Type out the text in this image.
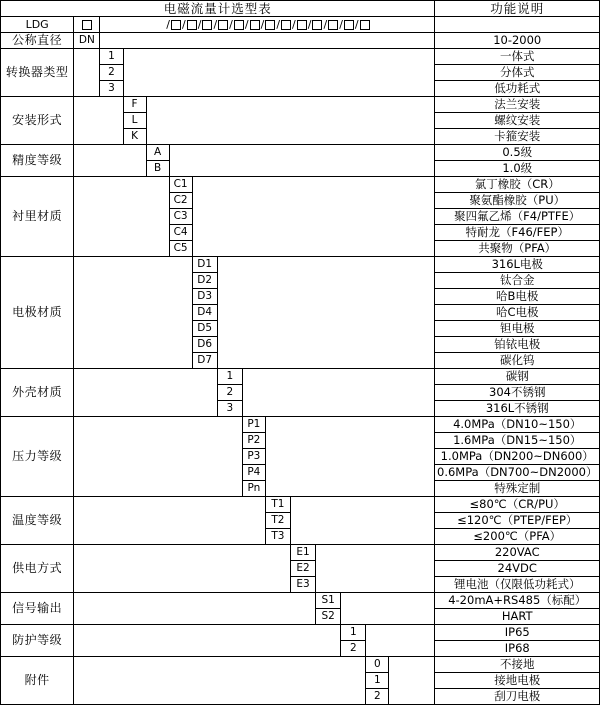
电磁流量计选型表															功能说明
LDG		/ / / / / / / / / / / / /													
公称直径	DN														10-2000
转换器类型		1													一体式
		2													分体式
		3													低功耗式
安装形式			F												法兰安装
			L												螺纹安装
			K												卡箍安装
精度等级				A											0.5级
				B											1.0级
衬里材质					C1										氯丁橡胶（CR）
					C2										聚氨酯橡胶（PU）
					C3										聚四氟乙烯（F4/PTFE）
					C4										特耐龙（F46/FEP）
					C5										共聚物（PFA）
电极材质						D1									316L电极
						D2									钛合金
						D3									哈B电极
						D4									哈C电极
						D5									钽电极
						D6									铂铱电极
						D7									碳化钨
外壳材质							1								碳钢
							2								304不锈钢
							3								316L不锈钢
压力等级								P1							4.0MPa（DN10~150）
								P2							1.6MPa（DN15~150）
								P3							1.0MPa（DN200~DN600）
								P4							0.6MPa（DN700~DN2000）
								Pn							特殊定制
温度等级									T1						≤80℃（CR/PU）
									T2						≤120℃（PTEP/FEP）
									T3						≤200℃（PFA）
供电方式										E1					220VAC
										E2					24VDC
										E3					锂电池（仅限低功耗式）
信号输出											S1				4-20mA+RS485（标配）
											S2				HART
防护等级												1			IP65
												2			IP68
附件													0		不接地
													1		接地电极
													2		刮刀电极
